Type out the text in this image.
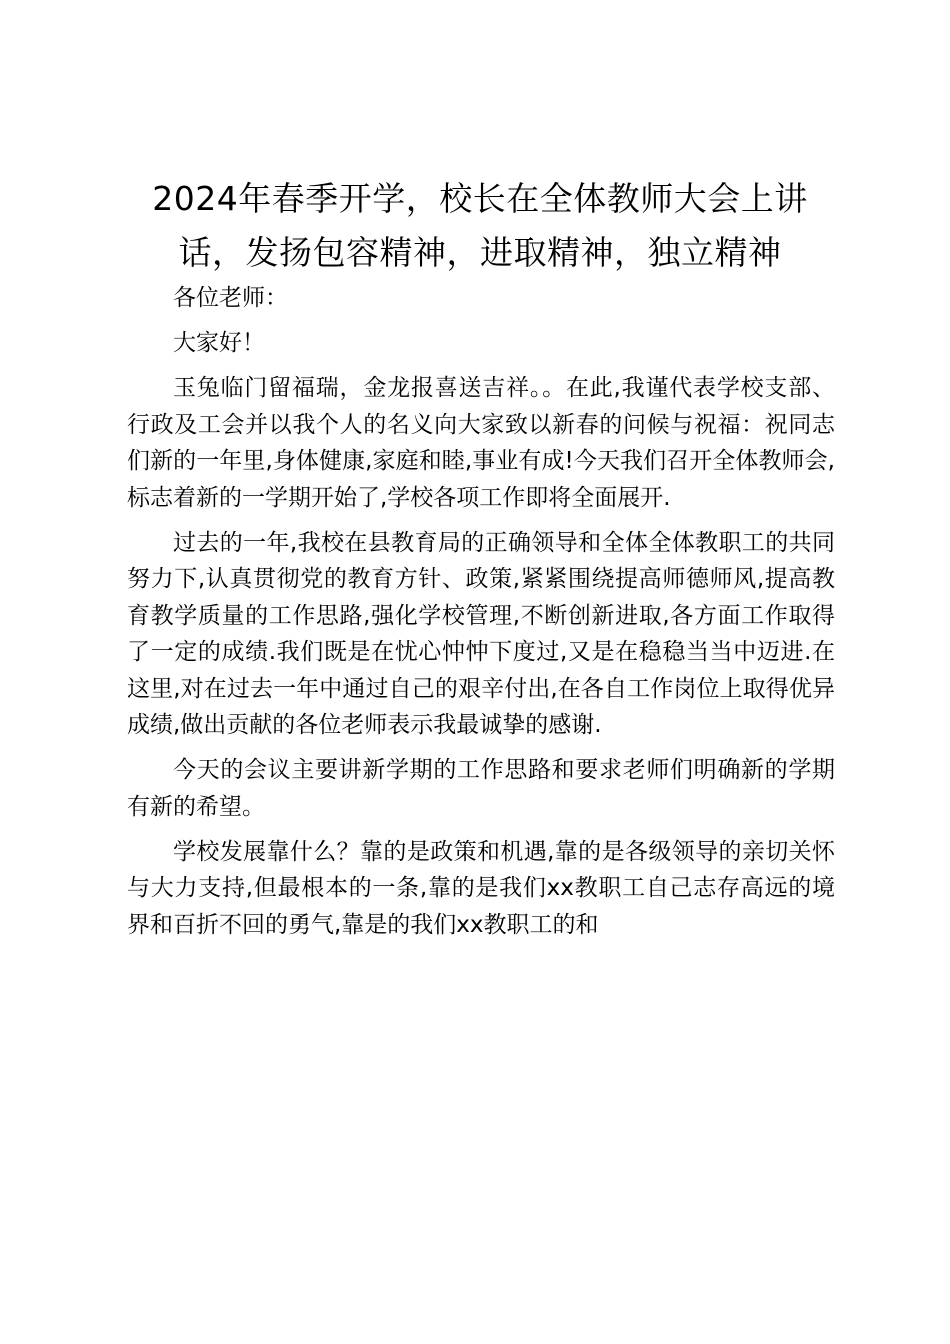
2024年春季开学，校长在全体教师大会上讲话，发扬包容精神，进取精神，独立精神

各位老师：

大家好！

玉兔临门留福瑞，金龙报喜送吉祥。。在此,我谨代表学校支部、行政及工会并以我个人的名义向大家致以新春的问候与祝福：祝同志们新的一年里,身体健康,家庭和睦,事业有成!今天我们召开全体教师会,标志着新的一学期开始了,学校各项工作即将全面展开.

过去的一年,我校在县教育局的正确领导和全体全体教职工的共同努力下,认真贯彻党的教育方针、政策,紧紧围绕提高师德师风,提高教育教学质量的工作思路,强化学校管理,不断创新进取,各方面工作取得了一定的成绩.我们既是在忧心忡忡下度过,又是在稳稳当当中迈进.在这里,对在过去一年中通过自己的艰辛付出,在各自工作岗位上取得优异成绩,做出贡献的各位老师表示我最诚挚的感谢.

今天的会议主要讲新学期的工作思路和要求老师们明确新的学期有新的希望。

学校发展靠什么？靠的是政策和机遇,靠的是各级领导的亲切关怀与大力支持,但最根本的一条,靠的是我们xx教职工自己志存高远的境界和百折不回的勇气,靠是的我们xx教职工的和
